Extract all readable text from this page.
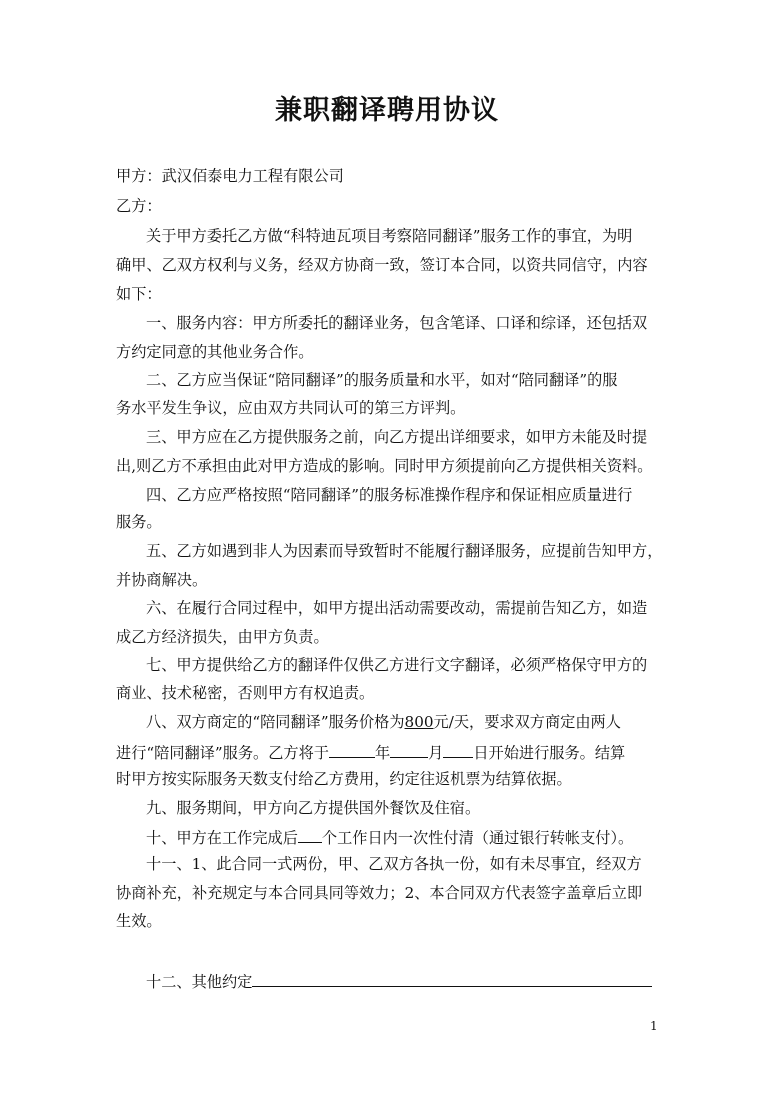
兼职翻译聘用协议
甲方：武汉佰泰电力工程有限公司
乙方：
关于甲方委托乙方做“科特迪瓦项目考察陪同翻译”服务工作的事宜，为明
确甲、乙双方权利与义务，经双方协商一致，签订本合同，以资共同信守，内容
如下：
一、服务内容：甲方所委托的翻译业务，包含笔译、口译和综译，还包括双
方约定同意的其他业务合作。
二、乙方应当保证“陪同翻译”的服务质量和水平，如对“陪同翻译”的服
务水平发生争议，应由双方共同认可的第三方评判。
三、甲方应在乙方提供服务之前，向乙方提出详细要求，如甲方未能及时提
出,则乙方不承担由此对甲方造成的影响。同时甲方须提前向乙方提供相关资料。
四、乙方应严格按照“陪同翻译”的服务标准操作程序和保证相应质量进行
服务。
五、乙方如遇到非人为因素而导致暂时不能履行翻译服务，应提前告知甲方，
并协商解决。
六、在履行合同过程中，如甲方提出活动需要改动，需提前告知乙方，如造
成乙方经济损失，由甲方负责。
七、甲方提供给乙方的翻译件仅供乙方进行文字翻译，必须严格保守甲方的
商业、技术秘密，否则甲方有权追责。
八、双方商定的“陪同翻译”服务价格为800元/天，要求双方商定由两人
进行“陪同翻译”服务。乙方将于	年	月 日开始进行服务。结算
时甲方按实际服务天数支付给乙方费用，约定往返机票为结算依据。
九、服务期间，甲方向乙方提供国外餐饮及住宿。
十、甲方在工作完成后 个工作日内一次性付清（通过银行转帐支付）。
十一、1、此合同一式两份，甲、乙双方各执一份，如有未尽事宜，经双方
协商补充，补充规定与本合同具同等效力；2、本合同双方代表签字盖章后立即
生效。
十二、其他约定
1
